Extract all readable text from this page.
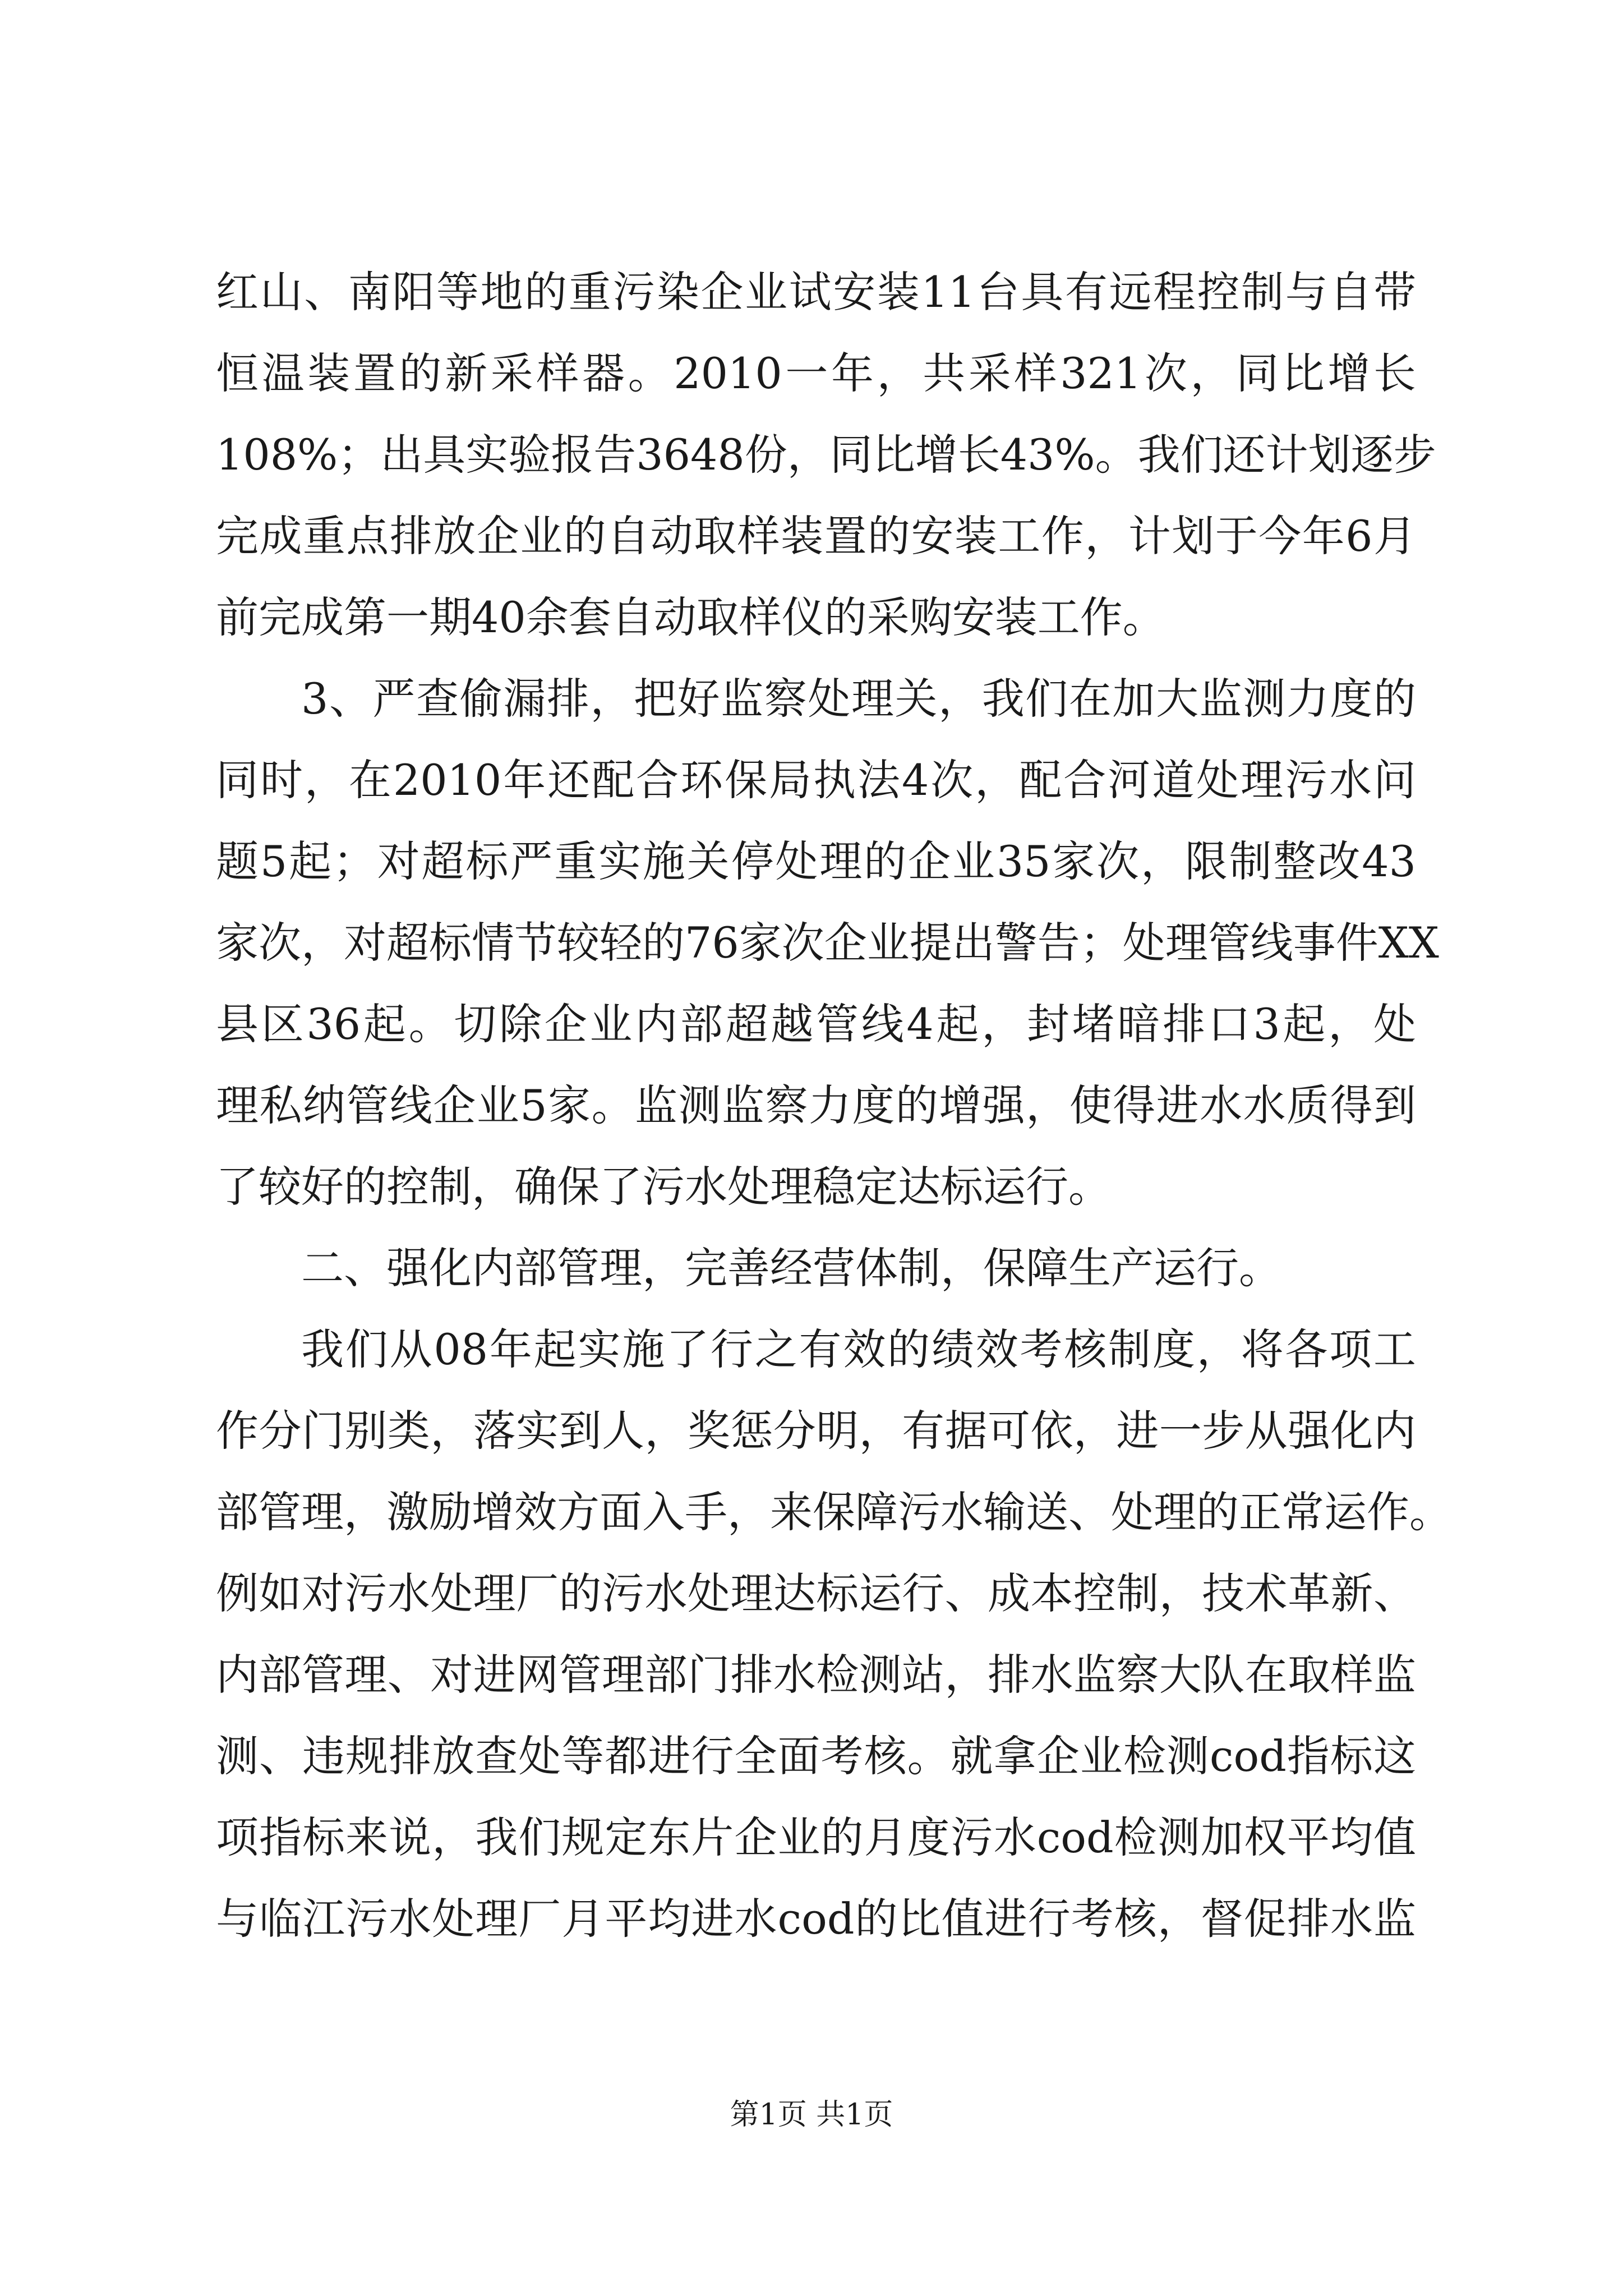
红山、南阳等地的重污染企业试安装11台具有远程控制与自带
恒温装置的新采样器。2010一年，共采样321次，同比增长
108%；出具实验报告3648份，同比增长43%。我们还计划逐步
完成重点排放企业的自动取样装置的安装工作，计划于今年6月
前完成第一期40余套自动取样仪的采购安装工作。
3、严查偷漏排，把好监察处理关，我们在加大监测力度的
同时，在2010年还配合环保局执法4次，配合河道处理污水问
题5起；对超标严重实施关停处理的企业35家次，限制整改43
家次，对超标情节较轻的76家次企业提出警告；处理管线事件XX
县区36起。切除企业内部超越管线4起，封堵暗排口3起，处
理私纳管线企业5家。监测监察力度的增强，使得进水水质得到
了较好的控制，确保了污水处理稳定达标运行。
二、强化内部管理，完善经营体制，保障生产运行。
我们从08年起实施了行之有效的绩效考核制度，将各项工
作分门别类，落实到人，奖惩分明，有据可依，进一步从强化内
部管理，激励增效方面入手，来保障污水输送、处理的正常运作。
例如对污水处理厂的污水处理达标运行、成本控制，技术革新、
内部管理、对进网管理部门排水检测站，排水监察大队在取样监
测、违规排放查处等都进行全面考核。就拿企业检测cod指标这
项指标来说，我们规定东片企业的月度污水cod检测加权平均值
与临江污水处理厂月平均进水cod的比值进行考核，督促排水监
第1页 共1页
